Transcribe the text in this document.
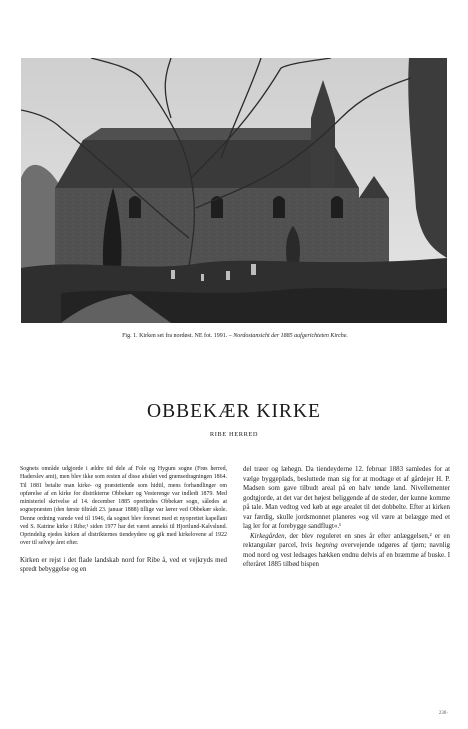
Fig. 1. Kirken set fra nordøst. NE fot. 1991. – Nordostansicht der 1885 aufgerichteten Kirche.
OBBEKÆR KIRKE
RIBE HERRED

Sognets område udgjorde i ældre tid dele af Fole og Hygum sogne (Frøs herred, Haderslev amt), men blev ikke som resten af disse afstået ved grænsedragningen 1864. Til 1881 betalte man kirke- og præstetiende som hidtil, mens forhandlinger om opførelse af en kirke for distrikterne Obbekær og Vesterenge var indledt 1879. Med ministeriel skrivelse af 14. december 1885 oprettedes Obbekær sogn, således at sognepræsten (den første tiltrådt 23. januar 1888) tillige var lærer ved Obbekær skole. Denne ordning varede ved til 1946, da sognet blev forenet med et nyoprettet kapellani ved S. Katrine kirke i Ribe;¹ siden 1977 har det været annekś til Hjortlund-Kalvslund. Oprindelig ejedes kirken af distrikternes tiendeydere og gik med kirkelovene af 1922 over til selveje året efter.

Kirken er rejst i det flade landskab nord for Ribe å, ved et vejkryds med spredt bebyggelse og en

del træer og læhegn. Da tiendeyderne 12. februar 1883 samledes for at vælge byggeplads, besluttede man sig for at modtage et af gårdejer H. P. Madsen som gave tilbudt areal på en halv tønde land. Nivellementer godtgjorde, at det var det højest beliggende af de steder, der kunne komme på tale. Man vedtog ved køb at øge arealet til det dobbelte. Efter at kirken var færdig, skulle jordsmonnet planeres »og vil være at belægge med et lag ler for at forebygge sandflugt«.¹

Kirkegården, der blev reguleret en snes år efter anlæggelsen,² er en rektangulær parcel, hvis hegning overvejende udgøres af tjørn; navnlig mod nord og vest ledsages hækken endnu delvis af en bræmme af buske. I efteråret 1885 tilbød bispen

230·
